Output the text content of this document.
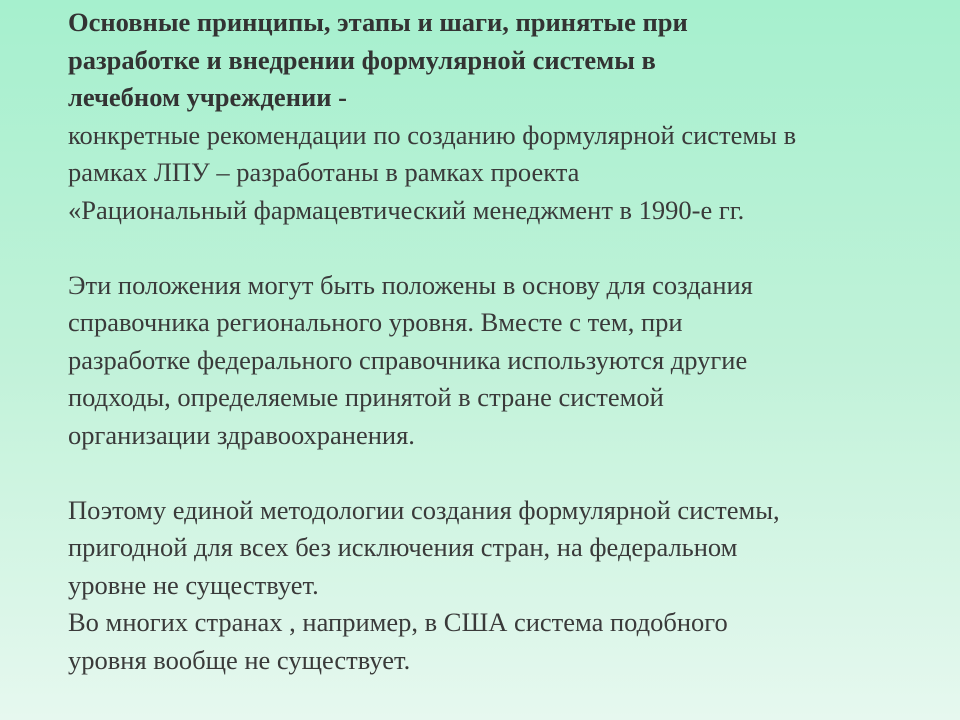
Основные принципы, этапы и шаги, принятые при
разработке и внедрении формулярной системы в
лечебном учреждении -

конкретные рекомендации по созданию формулярной системы в
рамках ЛПУ – разработаны в рамках проекта
«Рациональный фармацевтический менеджмент в 1990-е гг.

Эти положения могут быть положены в основу для создания
справочника регионального уровня. Вместе с тем, при
разработке федерального справочника используются другие
подходы, определяемые принятой в стране системой
организации здравоохранения.

Поэтому единой методологии создания формулярной системы,
пригодной для всех без исключения стран, на федеральном
уровне не существует.

Во многих странах , например, в США система подобного
уровня вообще не существует.
